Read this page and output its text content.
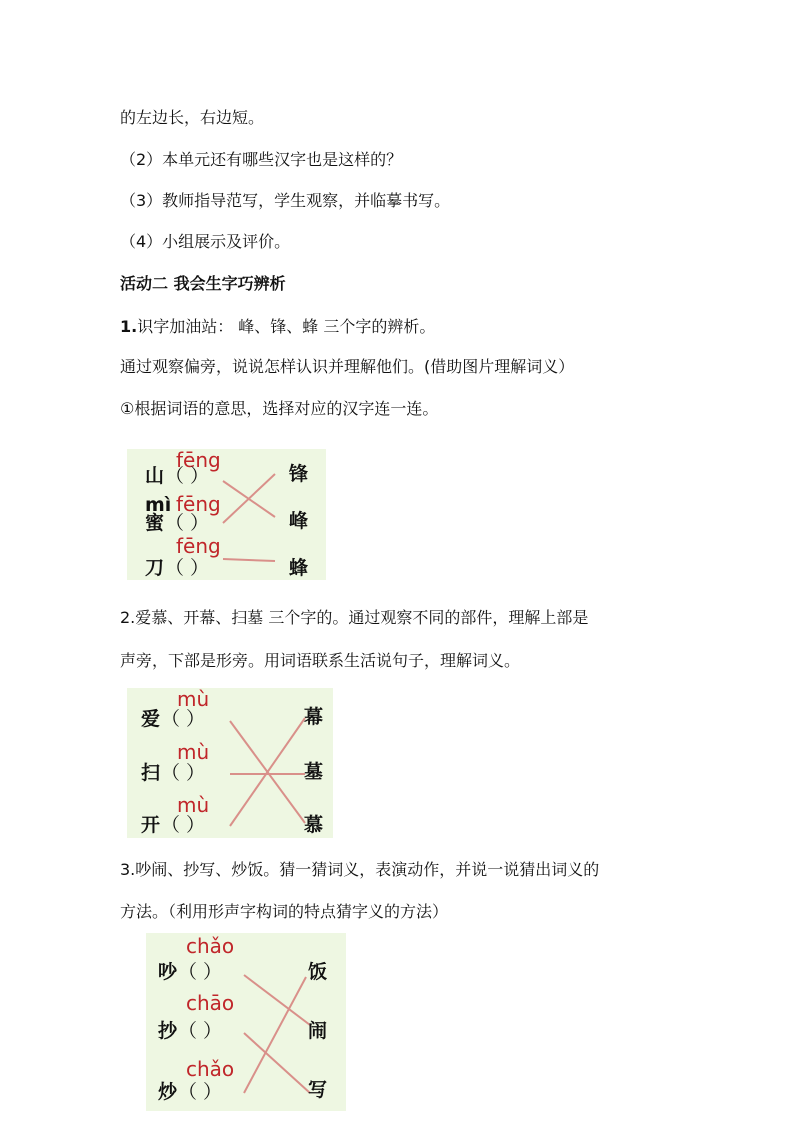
的左边长，右边短。
（2）本单元还有哪些汉字也是这样的？
（3）教师指导范写，学生观察，并临摹书写。
（4）小组展示及评价。
活动二 我会生字巧辨析
1.识字加油站： 峰、锋、蜂 三个字的辨析。
通过观察偏旁，说说怎样认识并理解他们。(借助图片理解词义）
①根据词语的意思，选择对应的汉字连一连。
fēng
山 （ ）
mì fēng
蜜 （ ）
fēng
刀 （ ）
锋
峰
蜂
2.爱慕、开幕、扫墓 三个字的。通过观察不同的部件，理解上部是
声旁，下部是形旁。用词语联系生活说句子，理解词义。
mù
爱 （ ）
mù
扫 （ ）
mù
开 （ ）
幕
墓
慕
3.吵闹、抄写、炒饭。猜一猜词义，表演动作，并说一说猜出词义的
方法。（利用形声字构词的特点猜字义的方法）
chǎo
吵 （ ）
chāo
抄 （ ）
chǎo
炒 （ ）
饭
闹
写
